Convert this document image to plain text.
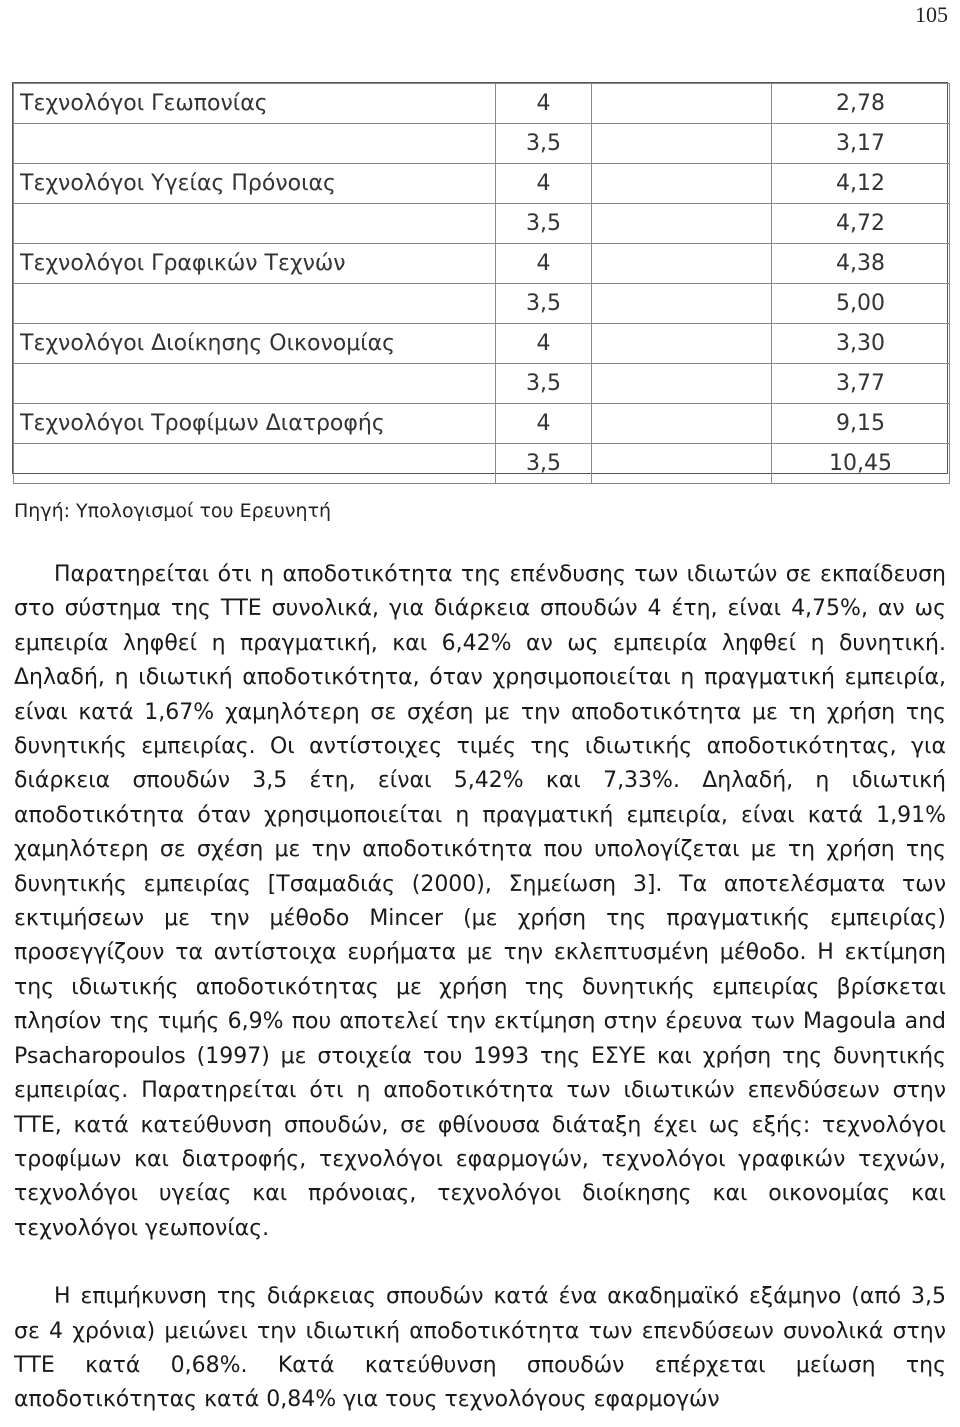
105
Τεχνολόγοι Γεωπονίας	4		2,78
	3,5		3,17
Τεχνολόγοι Υγείας Πρόνοιας	4		4,12
	3,5		4,72
Τεχνολόγοι Γραφικών Τεχνών	4		4,38
	3,5		5,00
Τεχνολόγοι Διοίκησης Οικονομίας	4		3,30
	3,5		3,77
Τεχνολόγοι Τροφίμων Διατροφής	4		9,15
	3,5		10,45
Πηγή: Υπολογισμοί του Ερευνητή

Παρατηρείται ότι η αποδοτικότητα της επένδυσης των ιδιωτών σε εκπαίδευση στο σύστημα της ΤΤΕ συνολικά, για διάρκεια σπουδών 4 έτη, είναι 4,75%, αν ως εμπειρία ληφθεί η πραγματική, και 6,42% αν ως εμπειρία ληφθεί η δυνητική. Δηλαδή, η ιδιωτική αποδοτικότητα, όταν χρησιμοποιείται η πραγματική εμπειρία, είναι κατά 1,67% χαμηλότερη σε σχέση με την αποδοτικότητα με τη χρήση της δυνητικής εμπειρίας. Οι αντίστοιχες τιμές της ιδιωτικής αποδοτικότητας, για διάρκεια σπουδών 3,5 έτη, είναι 5,42% και 7,33%. Δηλαδή, η ιδιωτική αποδοτικότητα όταν χρησιμοποιείται η πραγματική εμπειρία, είναι κατά 1,91% χαμηλότερη σε σχέση με την αποδοτικότητα που υπολογίζεται με τη χρήση της δυνητικής εμπειρίας [Τσαμαδιάς (2000), Σημείωση 3]. Τα αποτελέσματα των εκτιμήσεων με την μέθοδο Mincer (με χρήση της πραγματικής εμπειρίας) προσεγγίζουν τα αντίστοιχα ευρήματα με την εκλεπτυσμένη μέθοδο. Η εκτίμηση της ιδιωτικής αποδοτικότητας με χρήση της δυνητικής εμπειρίας βρίσκεται πλησίον της τιμής 6,9% που αποτελεί την εκτίμηση στην έρευνα των Magoula and Psacharopoulos (1997) με στοιχεία του 1993 της ΕΣΥΕ και χρήση της δυνητικής εμπειρίας. Παρατηρείται ότι η αποδοτικότητα των ιδιωτικών επενδύσεων στην ΤΤΕ, κατά κατεύθυνση σπουδών, σε φθίνουσα διάταξη έχει ως εξής: τεχνολόγοι τροφίμων και διατροφής, τεχνολόγοι εφαρμογών, τεχνολόγοι γραφικών τεχνών, τεχνολόγοι υγείας και πρόνοιας, τεχνολόγοι διοίκησης και οικονομίας και τεχνολόγοι γεωπονίας.

Η επιμήκυνση της διάρκειας σπουδών κατά ένα ακαδημαϊκό εξάμηνο (από 3,5 σε 4 χρόνια) μειώνει την ιδιωτική αποδοτικότητα των επενδύσεων συνολικά στην ΤΤΕ κατά 0,68%. Κατά κατεύθυνση σπουδών επέρχεται μείωση της αποδοτικότητας κατά 0,84% για τους τεχνολόγους εφαρμογών
